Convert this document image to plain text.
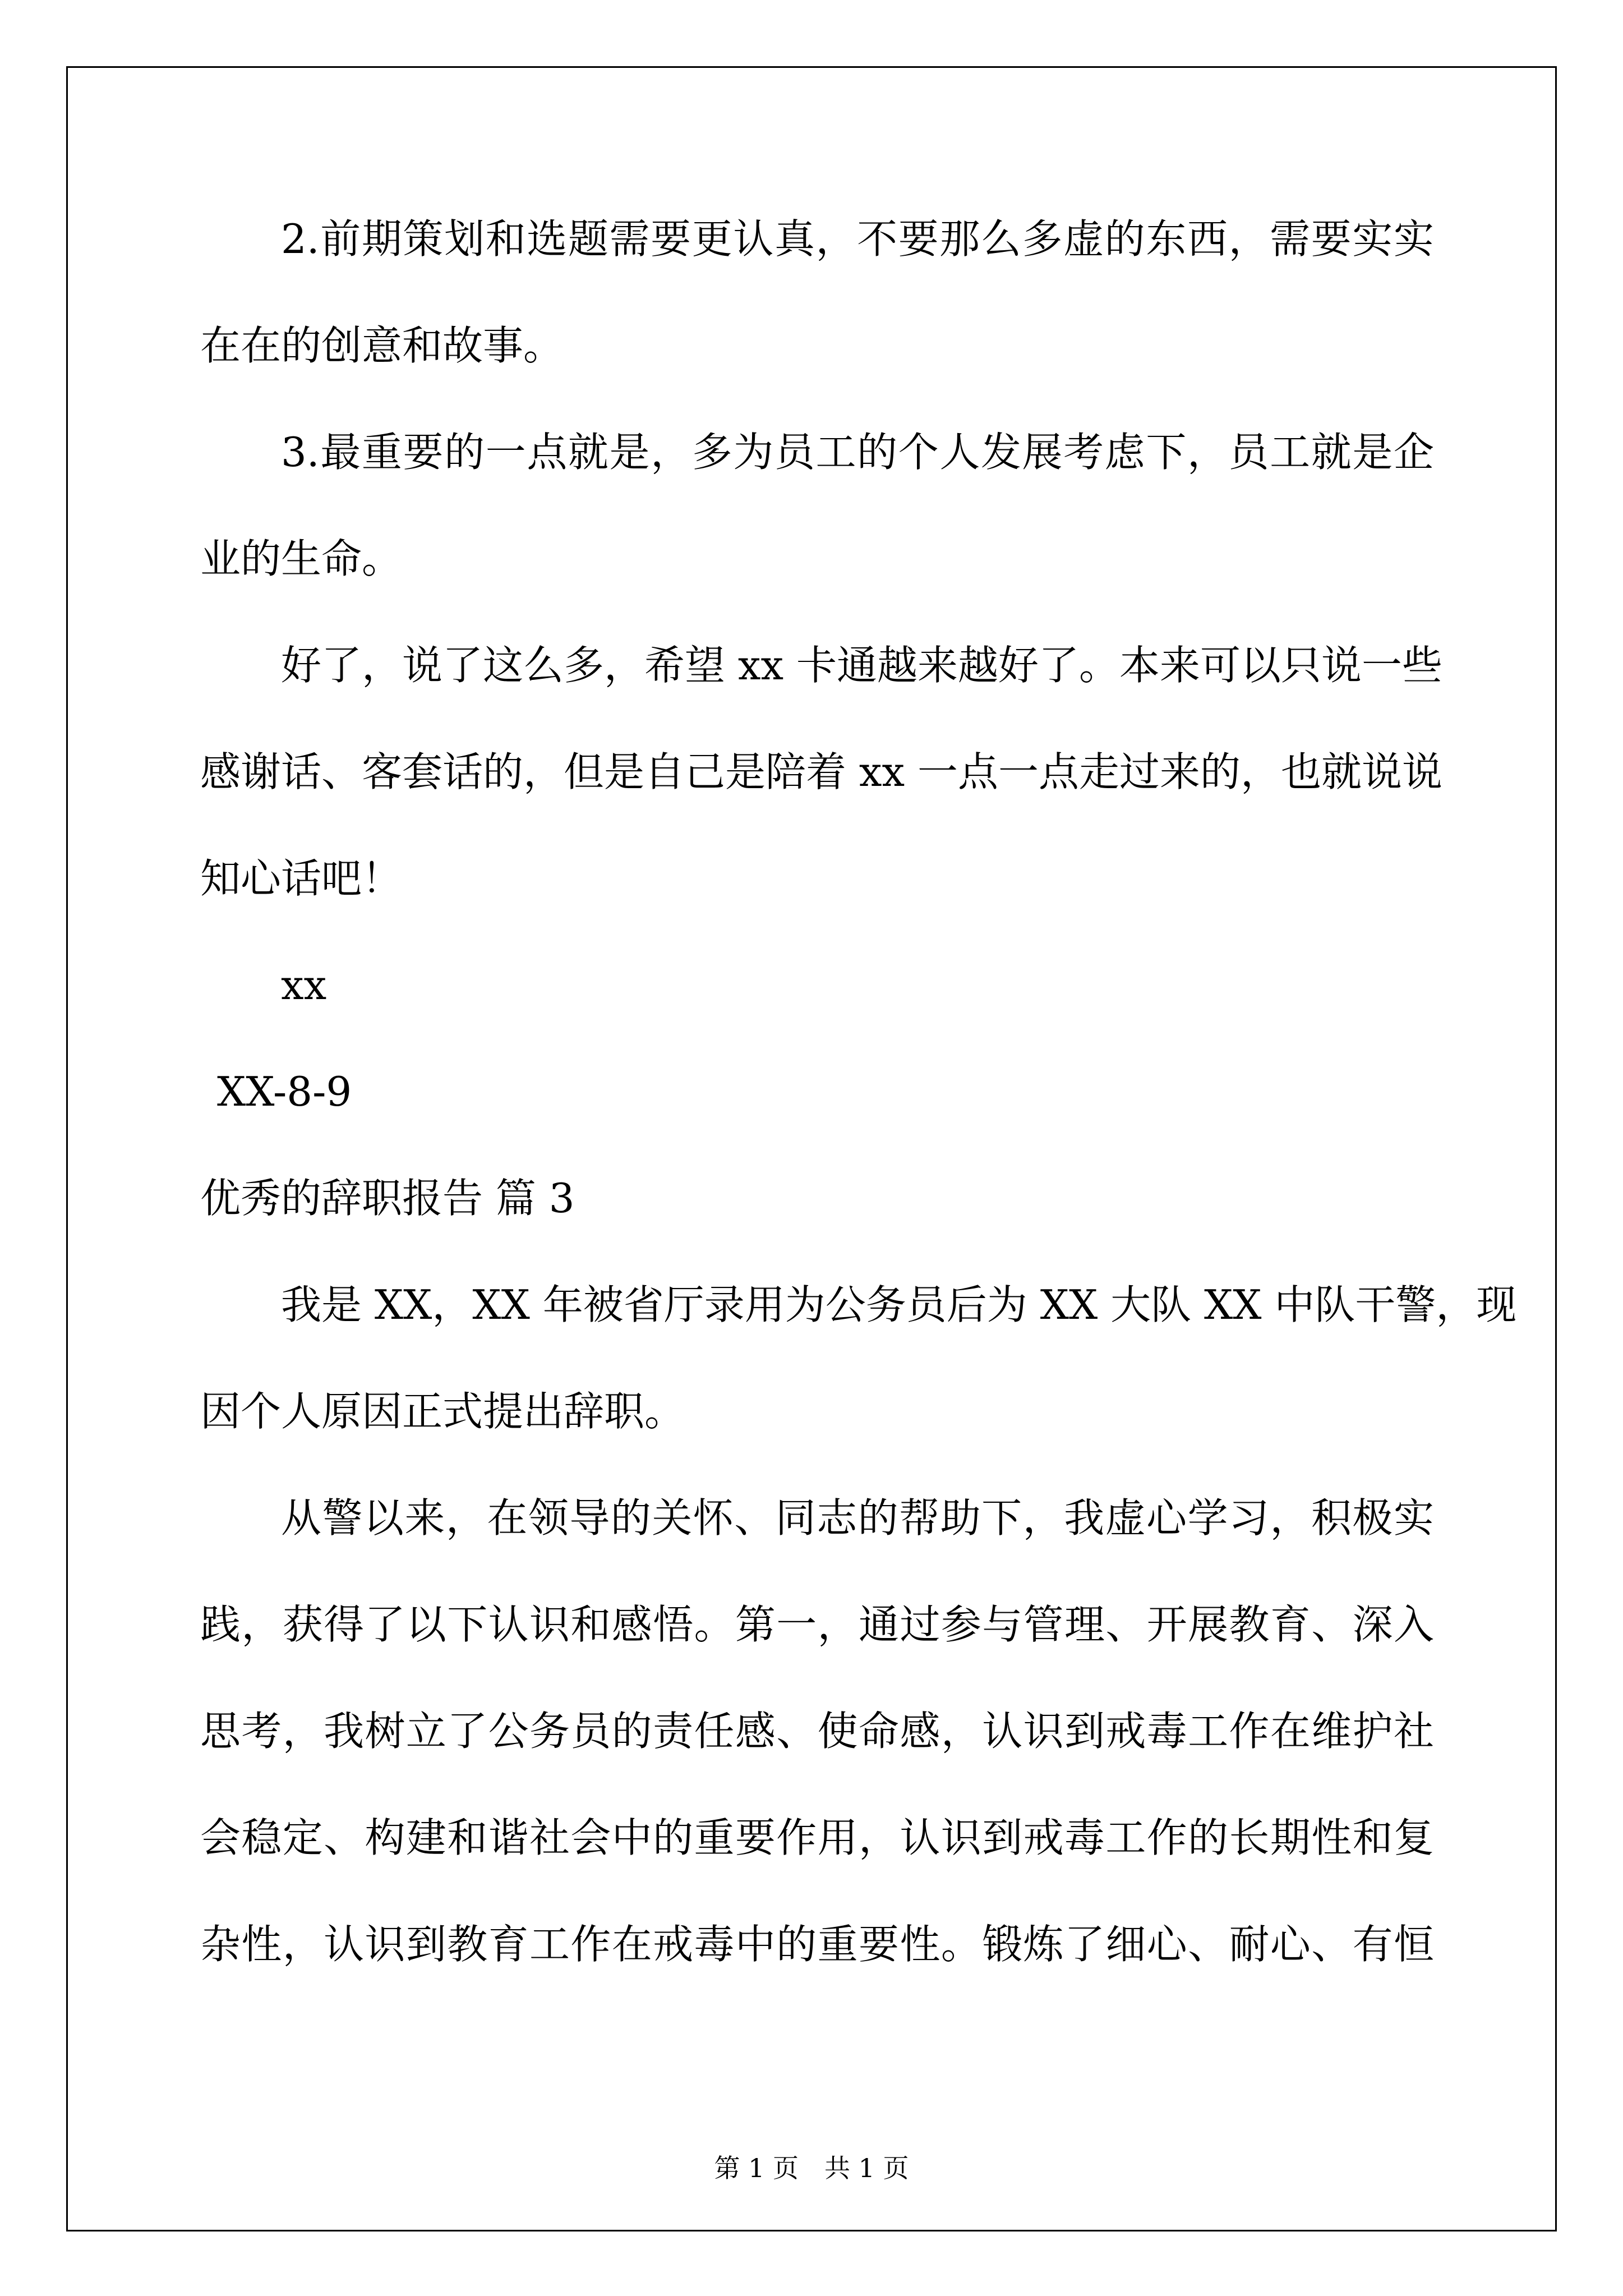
2.前期策划和选题需要更认真，不要那么多虚的东西，需要实实
在在的创意和故事。
3.最重要的一点就是，多为员工的个人发展考虑下，员工就是企
业的生命。
好了，说了这么多，希望 xx 卡通越来越好了。本来可以只说一些
感谢话、客套话的，但是自己是陪着 xx 一点一点走过来的，也就说说
知心话吧！
xx
XX-8-9
优秀的辞职报告 篇 3
我是 XX，XX 年被省厅录用为公务员后为 XX 大队 XX 中队干警，现
因个人原因正式提出辞职。
从警以来，在领导的关怀、同志的帮助下，我虚心学习，积极实
践，获得了以下认识和感悟。第一，通过参与管理、开展教育、深入
思考，我树立了公务员的责任感、使命感，认识到戒毒工作在维护社
会稳定、构建和谐社会中的重要作用，认识到戒毒工作的长期性和复
杂性，认识到教育工作在戒毒中的重要性。锻炼了细心、耐心、有恒
第 1 页　共 1 页
